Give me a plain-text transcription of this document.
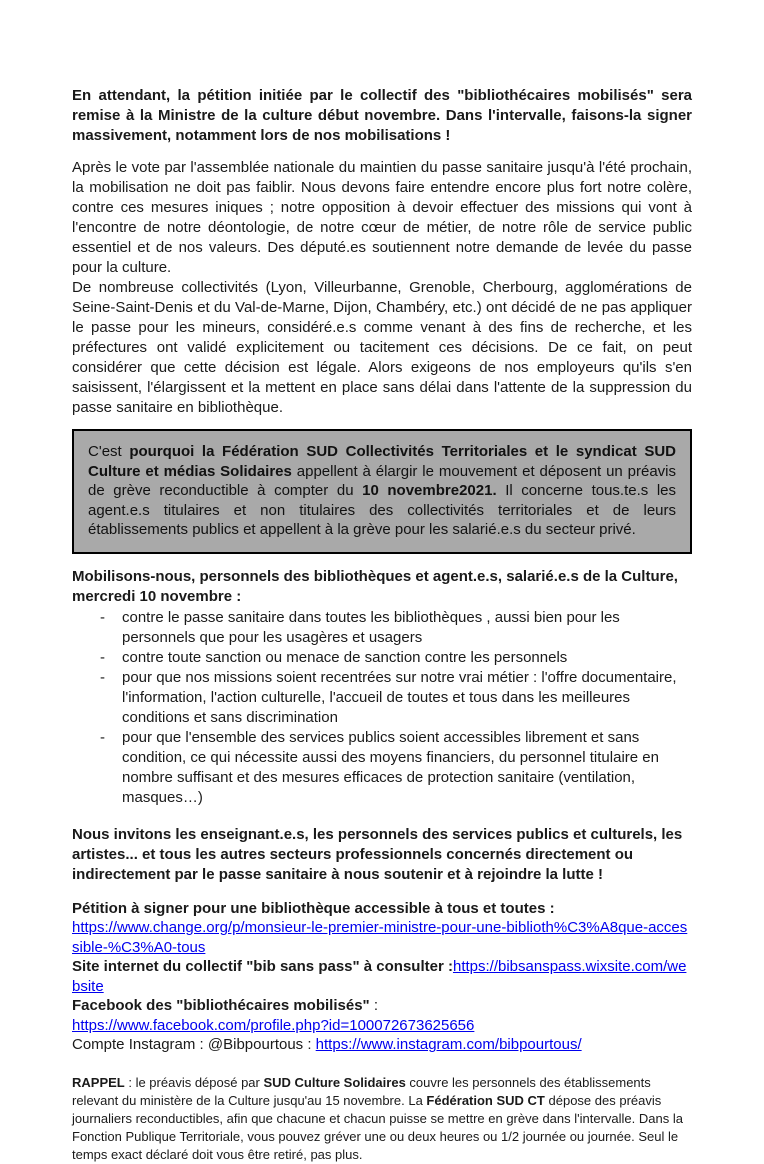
En attendant, la pétition initiée par le collectif des "bibliothécaires mobilisés" sera remise à la Ministre de la culture début novembre. Dans l'intervalle, faisons-la signer massivement, notamment lors de nos mobilisations !

Après le vote par l'assemblée nationale du maintien du passe sanitaire jusqu'à l'été prochain, la mobilisation ne doit pas faiblir. Nous devons faire entendre encore plus fort notre colère, contre ces mesures iniques ; notre opposition à devoir effectuer des missions qui vont à l'encontre de notre déontologie, de notre cœur de métier, de notre rôle de service public essentiel et de nos valeurs. Des député.es soutiennent notre demande de levée du passe pour la culture.

De nombreuse collectivités (Lyon, Villeurbanne, Grenoble, Cherbourg, agglomérations de Seine-Saint-Denis et du Val-de-Marne, Dijon, Chambéry, etc.) ont décidé de ne pas appliquer le passe pour les mineurs, considéré.e.s comme venant à des fins de recherche, et les préfectures ont validé explicitement ou tacitement ces décisions. De ce fait, on peut considérer que cette décision est légale. Alors exigeons de nos employeurs qu'ils s'en saisissent, l'élargissent et la mettent en place sans délai dans l'attente de la suppression du passe sanitaire en bibliothèque.

C'est pourquoi la Fédération SUD Collectivités Territoriales et le syndicat SUD Culture et médias Solidaires appellent à élargir le mouvement et déposent un préavis de grève reconductible à compter du 10 novembre2021. Il concerne tous.te.s les agent.e.s titulaires et non titulaires des collectivités territoriales et de leurs établissements publics et appellent à la grève pour les salarié.e.s du secteur privé.

Mobilisons-nous, personnels des bibliothèques et agent.e.s, salarié.e.s de la Culture, mercredi 10 novembre :

-	contre le passe sanitaire dans toutes les bibliothèques , aussi bien pour les personnels que pour les usagères et usagers
-	contre toute sanction ou menace de sanction contre les personnels
-	pour que nos missions soient recentrées sur notre vrai métier : l'offre documentaire, l'information, l'action culturelle, l'accueil de toutes et tous dans les meilleures conditions et sans discrimination
-	pour que l'ensemble des services publics soient accessibles librement et sans condition, ce qui nécessite aussi des moyens financiers, du personnel titulaire en nombre suffisant et des mesures efficaces de protection sanitaire (ventilation, masques…)

Nous invitons les enseignant.e.s, les personnels des services publics et culturels, les artistes... et tous les autres secteurs professionnels concernés directement ou indirectement par le passe sanitaire à nous soutenir et à rejoindre la lutte !

Pétition à signer pour une bibliothèque accessible à tous et toutes :

https://www.change.org/p/monsieur-le-premier-ministre-pour-une-biblioth%C3%A8que-accessible-%C3%A0-tous

Site internet du collectif "bib sans pass" à consulter :https://bibsanspass.wixsite.com/website

Facebook des "bibliothécaires mobilisés" :

https://www.facebook.com/profile.php?id=100072673625656

Compte Instagram : @Bibpourtous : https://www.instagram.com/bibpourtous/

RAPPEL : le préavis déposé par SUD Culture Solidaires couvre les personnels des établissements relevant du ministère de la Culture jusqu'au 15 novembre. La Fédération SUD CT dépose des préavis journaliers reconductibles, afin que chacune et chacun puisse se mettre en grève dans l'intervalle. Dans la Fonction Publique Territoriale, vous pouvez gréver une ou deux heures ou 1/2 journée ou journée. Seul le temps exact déclaré doit vous être retiré, pas plus.
